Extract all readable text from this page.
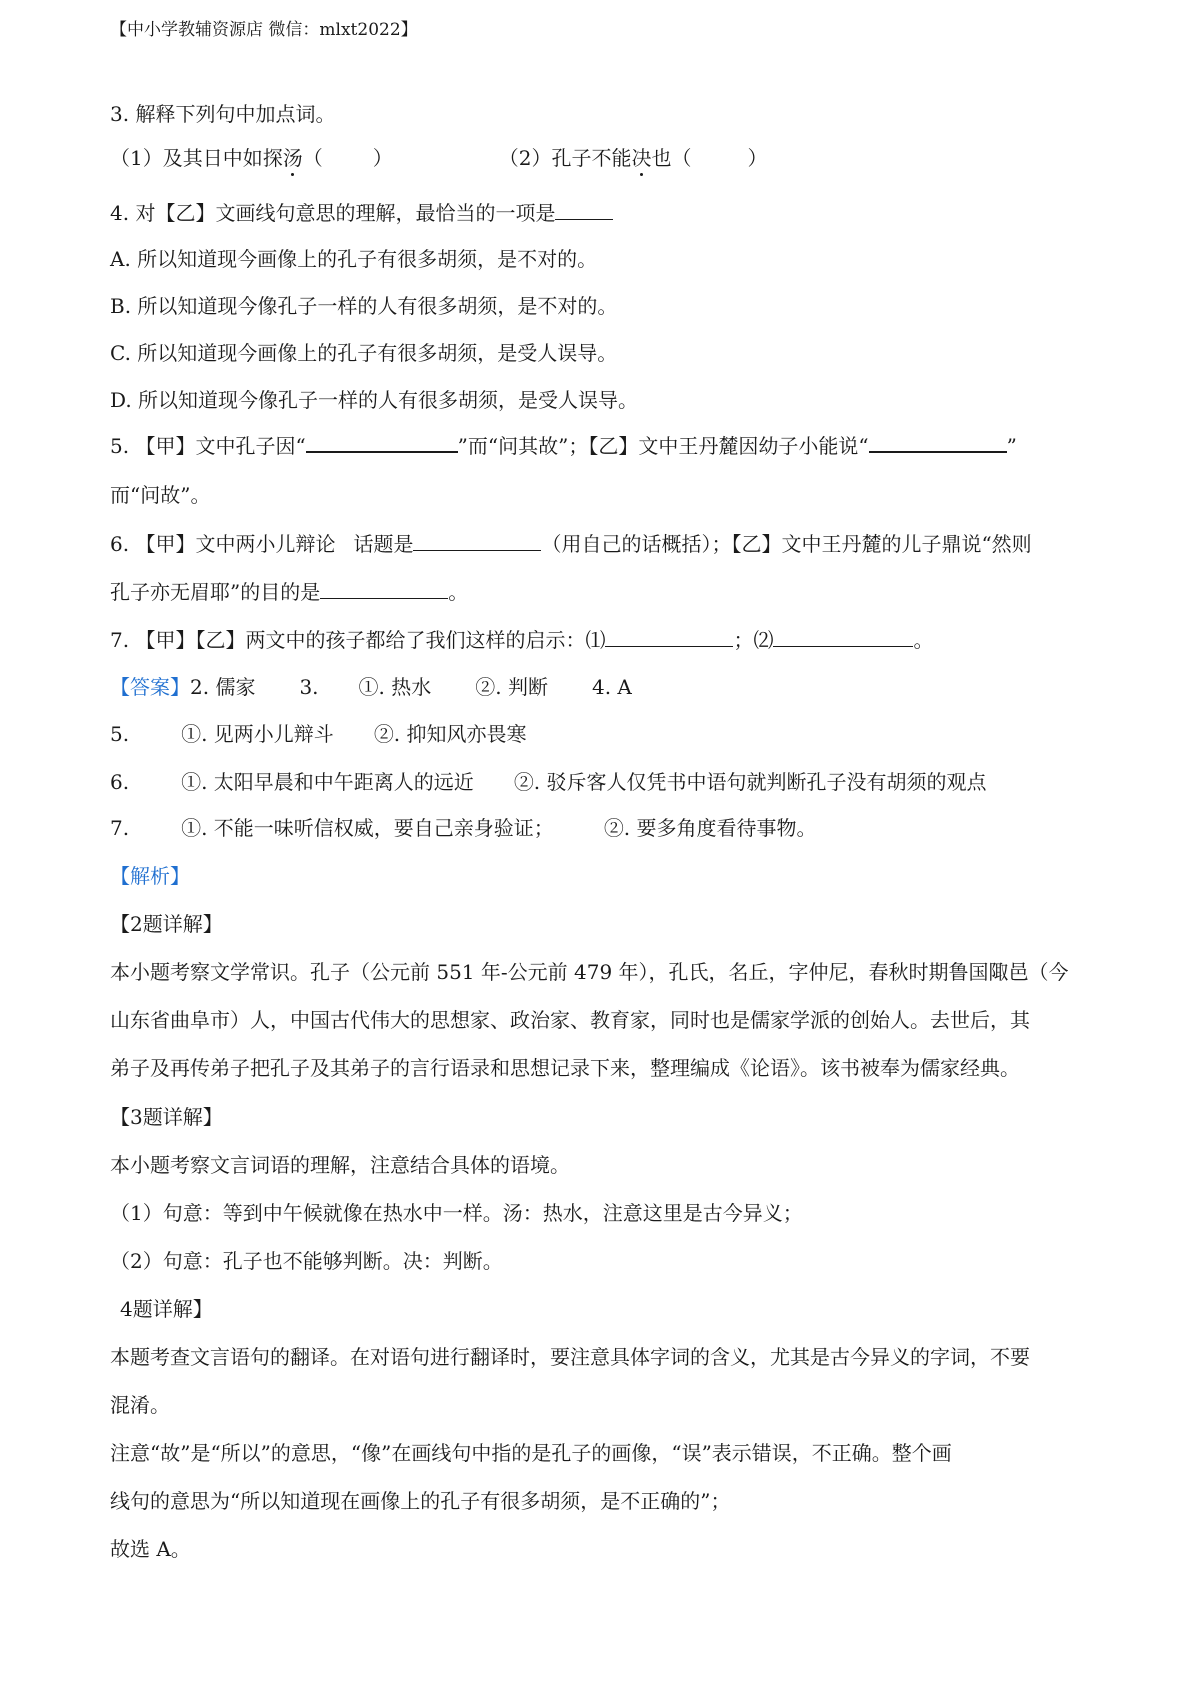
【中小学教辅资源店 微信：mlxt2022】
3. 解释下列句中加点词。
（1）及其日中如探汤（	）	（2）孔子不能决也（	）
4. 对【乙】文画线句意思的理解，最恰当的一项是
A. 所以知道现今画像上的孔子有很多胡须，是不对的。
B. 所以知道现今像孔子一样的人有很多胡须，是不对的。
C. 所以知道现今画像上的孔子有很多胡须，是受人误导。
D. 所以知道现今像孔子一样的人有很多胡须，是受人误导。
5. 【甲】文中孔子因“	”而“问其故”；【乙】文中王丹麓因幼子小能说“	”
而“问故”。
6. 【甲】文中两小儿辩论 话题是	（用自己的话概括）；【乙】文中王丹麓的儿子鼎说“然则
孔子亦无眉耶”的目的是	。
7. 【甲】【乙】两文中的孩子都给了我们这样的启示：⑴	；⑵	。
【答案】2. 儒家 3. ①. 热水 ②. 判断 4. A
5.	①. 见两小儿辩斗 ②. 抑知风亦畏寒
6.	①. 太阳早晨和中午距离人的远近 ②. 驳斥客人仅凭书中语句就判断孔子没有胡须的观点
7.	①. 不能一味听信权威，要自己亲身验证；	②. 要多角度看待事物。
【解析】
【2题详解】
本小题考察文学常识。孔子（公元前 551 年-公元前 479 年），孔氏，名丘，字仲尼，春秋时期鲁国陬邑（今
山东省曲阜市）人，中国古代伟大的思想家、政治家、教育家，同时也是儒家学派的创始人。去世后，其
弟子及再传弟子把孔子及其弟子的言行语录和思想记录下来，整理编成《论语》。该书被奉为儒家经典。
【3题详解】
本小题考察文言词语的理解，注意结合具体的语境。
（1）句意：等到中午候就像在热水中一样。汤：热水，注意这里是古今异义；
（2）句意：孔子也不能够判断。决：判断。
4题详解】
本题考查文言语句的翻译。在对语句进行翻译时，要注意具体字词的含义，尤其是古今异义的字词，不要
混淆。
注意“故”是“所以”的意思，“像”在画线句中指的是孔子的画像，“误”表示错误，不正确。整个画
线句的意思为“所以知道现在画像上的孔子有很多胡须，是不正确的”；
故选 A。
